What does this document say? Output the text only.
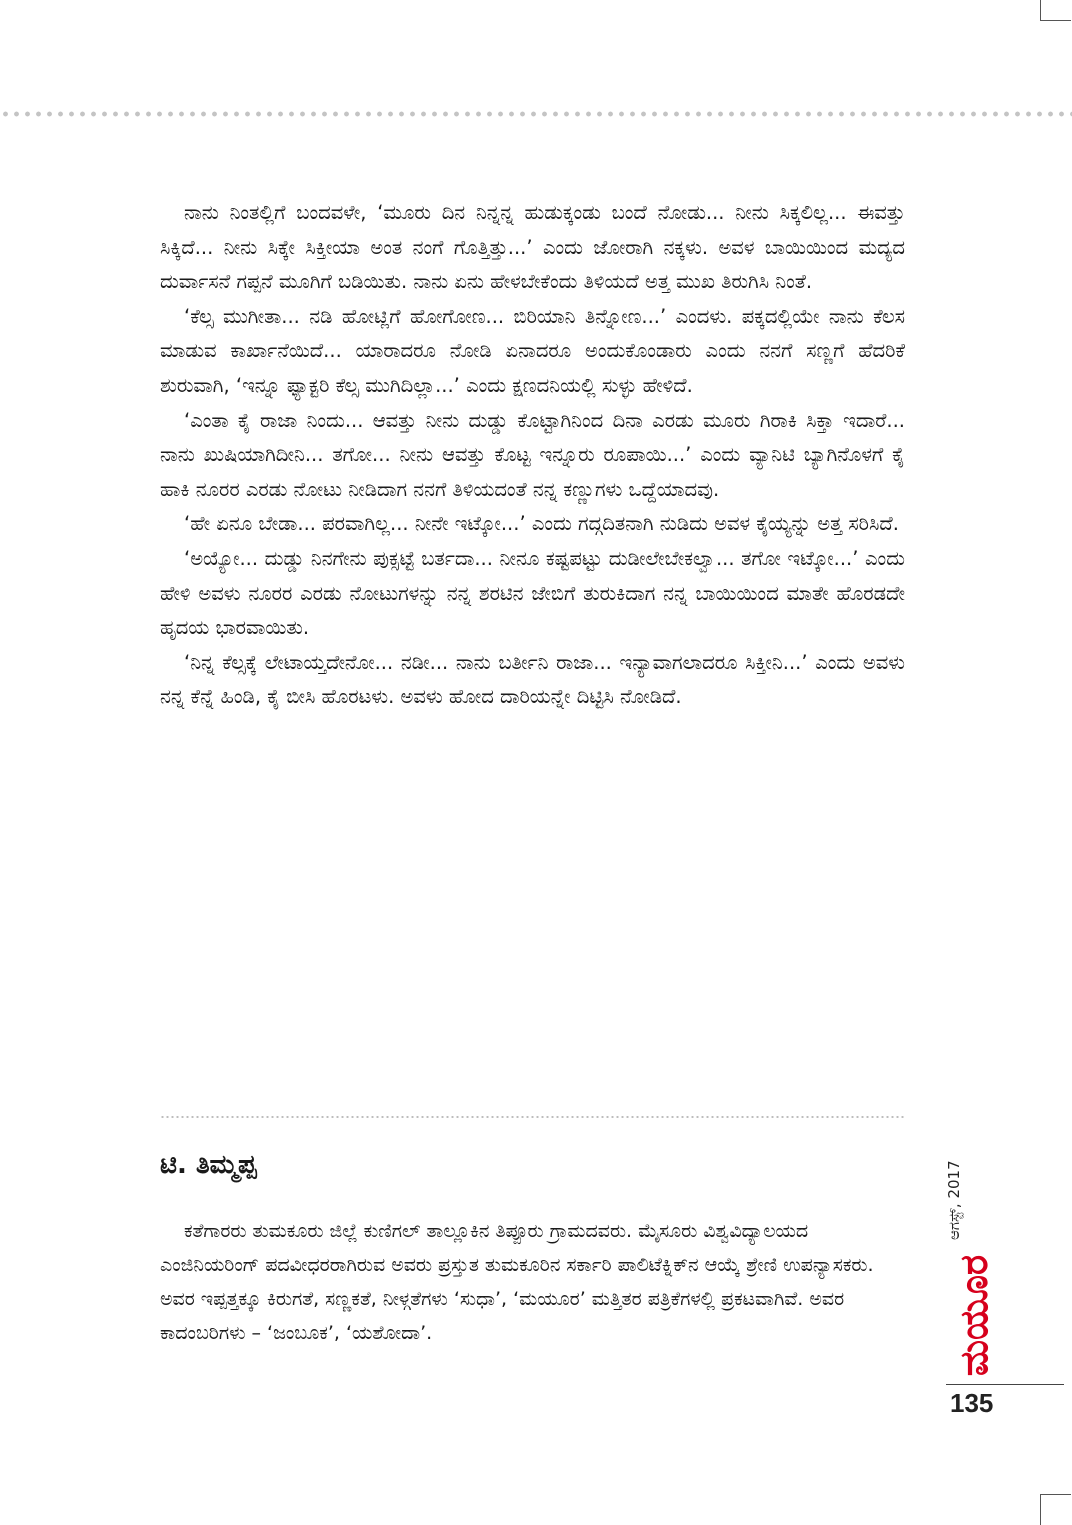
ನಾನು ನಿಂತಲ್ಲಿಗೆ ಬಂದವಳೇ, ‘ಮೂರು ದಿನ ನಿನ್ನನ್ನ ಹುಡುಕ್ಕಂಡು ಬಂದೆ ನೋಡು... ನೀನು ಸಿಕ್ಕಲಿಲ್ಲ... ಈವತ್ತು ಸಿಕ್ಕಿದೆ... ನೀನು ಸಿಕ್ಕೇ ಸಿಕ್ತೀಯಾ ಅಂತ ನಂಗೆ ಗೊತ್ತಿತ್ತು...’ ಎಂದು ಜೋರಾಗಿ ನಕ್ಕಳು. ಅವಳ ಬಾಯಿಯಿಂದ ಮದ್ಯದ ದುರ್ವಾಸನೆ ಗಪ್ಪನೆ ಮೂಗಿಗೆ ಬಡಿಯಿತು. ನಾನು ಏನು ಹೇಳಬೇಕೆಂದು ತಿಳಿಯದೆ ಅತ್ತ ಮುಖ ತಿರುಗಿಸಿ ನಿಂತೆ.

‘ಕೆಲ್ಸ ಮುಗೀತಾ... ನಡಿ ಹೋಟ್ಲಿಗೆ ಹೋಗೋಣ... ಬಿರಿಯಾನಿ ತಿನ್ನೋಣ...’ ಎಂದಳು. ಪಕ್ಕದಲ್ಲಿಯೇ ನಾನು ಕೆಲಸ ಮಾಡುವ ಕಾರ್ಖಾನೆಯಿದೆ... ಯಾರಾದರೂ ನೋಡಿ ಏನಾದರೂ ಅಂದುಕೊಂಡಾರು ಎಂದು ನನಗೆ ಸಣ್ಣಗೆ ಹೆದರಿಕೆ ಶುರುವಾಗಿ, ‘ಇನ್ನೂ ಫ್ಯಾಕ್ಟರಿ ಕೆಲ್ಸ ಮುಗಿದಿಲ್ಲಾ...’ ಎಂದು ಕ್ಷಣದನಿಯಲ್ಲಿ ಸುಳ್ಳು ಹೇಳಿದೆ.

‘ಎಂತಾ ಕೈ ರಾಜಾ ನಿಂದು... ಆವತ್ತು ನೀನು ದುಡ್ಡು ಕೊಟ್ಟಾಗಿನಿಂದ ದಿನಾ ಎರಡು ಮೂರು ಗಿರಾಕಿ ಸಿಕ್ತಾ ಇದಾರೆ... ನಾನು ಖುಷಿಯಾಗಿದೀನಿ... ತಗೋ... ನೀನು ಆವತ್ತು ಕೊಟ್ಟ ಇನ್ನೂರು ರೂಪಾಯಿ...’ ಎಂದು ವ್ಯಾನಿಟಿ ಬ್ಯಾಗಿನೊಳಗೆ ಕೈ ಹಾಕಿ ನೂರರ ಎರಡು ನೋಟು ನೀಡಿದಾಗ ನನಗೆ ತಿಳಿಯದಂತೆ ನನ್ನ ಕಣ್ಣುಗಳು ಒದ್ದೆಯಾದವು.

‘ಹೇ ಏನೂ ಬೇಡಾ... ಪರವಾಗಿಲ್ಲ... ನೀನೇ ಇಟ್ಕೋ...’ ಎಂದು ಗದ್ಗದಿತನಾಗಿ ನುಡಿದು ಅವಳ ಕೈಯ್ಯನ್ನು ಅತ್ತ ಸರಿಸಿದೆ.

‘ಅಯ್ಯೋ... ದುಡ್ಡು ನಿನಗೇನು ಪುಕ್ಸಟ್ಟೆ ಬರ್ತದಾ... ನೀನೂ ಕಷ್ಟಪಟ್ಟು ದುಡೀಲೇಬೇಕಲ್ವಾ... ತಗೋ ಇಟ್ಕೋ...’ ಎಂದು ಹೇಳಿ ಅವಳು ನೂರರ ಎರಡು ನೋಟುಗಳನ್ನು ನನ್ನ ಶರಟಿನ ಜೇಬಿಗೆ ತುರುಕಿದಾಗ ನನ್ನ ಬಾಯಿಯಿಂದ ಮಾತೇ ಹೊರಡದೇ ಹೃದಯ ಭಾರವಾಯಿತು.

‘ನಿನ್ನ ಕೆಲ್ಸಕ್ಕೆ ಲೇಟಾಯ್ತದೇನೋ... ನಡೀ... ನಾನು ಬರ್ತೀನಿ ರಾಜಾ... ಇನ್ಯಾವಾಗಲಾದರೂ ಸಿಕ್ತೀನಿ...’ ಎಂದು ಅವಳು ನನ್ನ ಕೆನ್ನೆ ಹಿಂಡಿ, ಕೈ ಬೀಸಿ ಹೊರಟಳು. ಅವಳು ಹೋದ ದಾರಿಯನ್ನೇ ದಿಟ್ಟಿಸಿ ನೋಡಿದೆ.

ಟಿ. ತಿಮ್ಮಪ್ಪ

ಕತೆಗಾರರು ತುಮಕೂರು ಜಿಲ್ಲೆ ಕುಣಿಗಲ್ ತಾಲ್ಲೂಕಿನ ತಿಪ್ಪೂರು ಗ್ರಾಮದವರು. ಮೈಸೂರು ವಿಶ್ವವಿದ್ಯಾಲಯದ ಎಂಜಿನಿಯರಿಂಗ್ ಪದವೀಧರರಾಗಿರುವ ಅವರು ಪ್ರಸ್ತುತ ತುಮಕೂರಿನ ಸರ್ಕಾರಿ ಪಾಲಿಟೆಕ್ನಿಕ್‌ನ ಆಯ್ಕೆ ಶ್ರೇಣಿ ಉಪನ್ಯಾಸಕರು. ಅವರ ಇಪ್ಪತ್ತಕ್ಕೂ ಕಿರುಗತೆ, ಸಣ್ಣಕತೆ, ನೀಳ್ಗತೆಗಳು ‘ಸುಧಾ’, ‘ಮಯೂರ’ ಮತ್ತಿತರ ಪತ್ರಿಕೆಗಳಲ್ಲಿ ಪ್ರಕಟವಾಗಿವೆ. ಅವರ ಕಾದಂಬರಿಗಳು – ‘ಜಂಬೂಕ’, ‘ಯಶೋದಾ’.

ಆಗಸ್ಟ್, 2017
ಮಯೂರ
135
